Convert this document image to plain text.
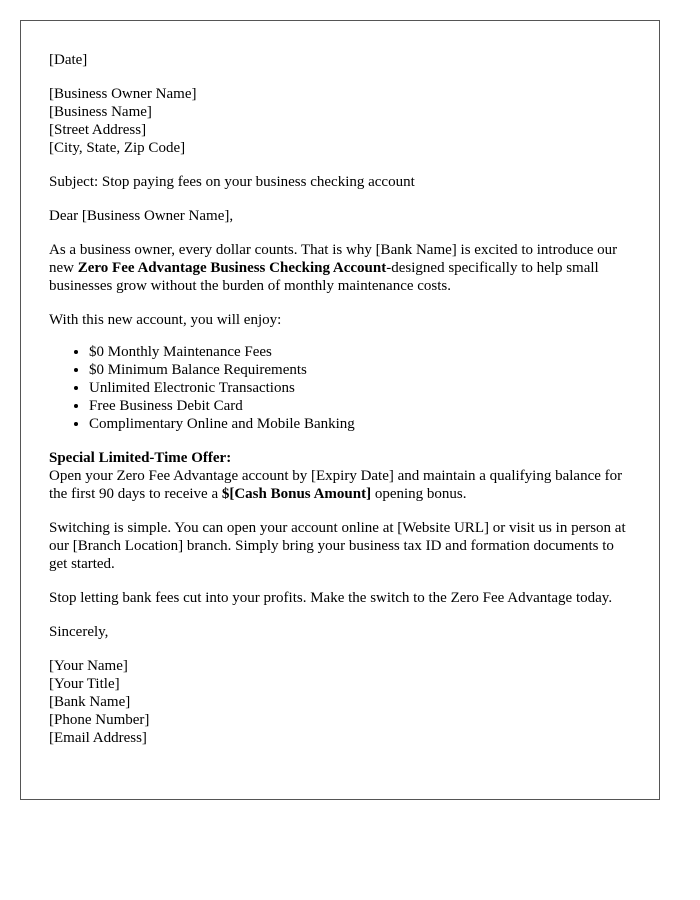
[Date]
[Business Owner Name]
[Business Name]
[Street Address]
[City, State, Zip Code]
Subject: Stop paying fees on your business checking account
Dear [Business Owner Name],
As a business owner, every dollar counts. That is why [Bank Name] is excited to introduce our new Zero Fee Advantage Business Checking Account-designed specifically to help small businesses grow without the burden of monthly maintenance costs.
With this new account, you will enjoy:
• $0 Monthly Maintenance Fees
• $0 Minimum Balance Requirements
• Unlimited Electronic Transactions
• Free Business Debit Card
• Complimentary Online and Mobile Banking
Special Limited-Time Offer:
Open your Zero Fee Advantage account by [Expiry Date] and maintain a qualifying balance for the first 90 days to receive a $[Cash Bonus Amount] opening bonus.
Switching is simple. You can open your account online at [Website URL] or visit us in person at our [Branch Location] branch. Simply bring your business tax ID and formation documents to get started.
Stop letting bank fees cut into your profits. Make the switch to the Zero Fee Advantage today.
Sincerely,
[Your Name]
[Your Title]
[Bank Name]
[Phone Number]
[Email Address]
